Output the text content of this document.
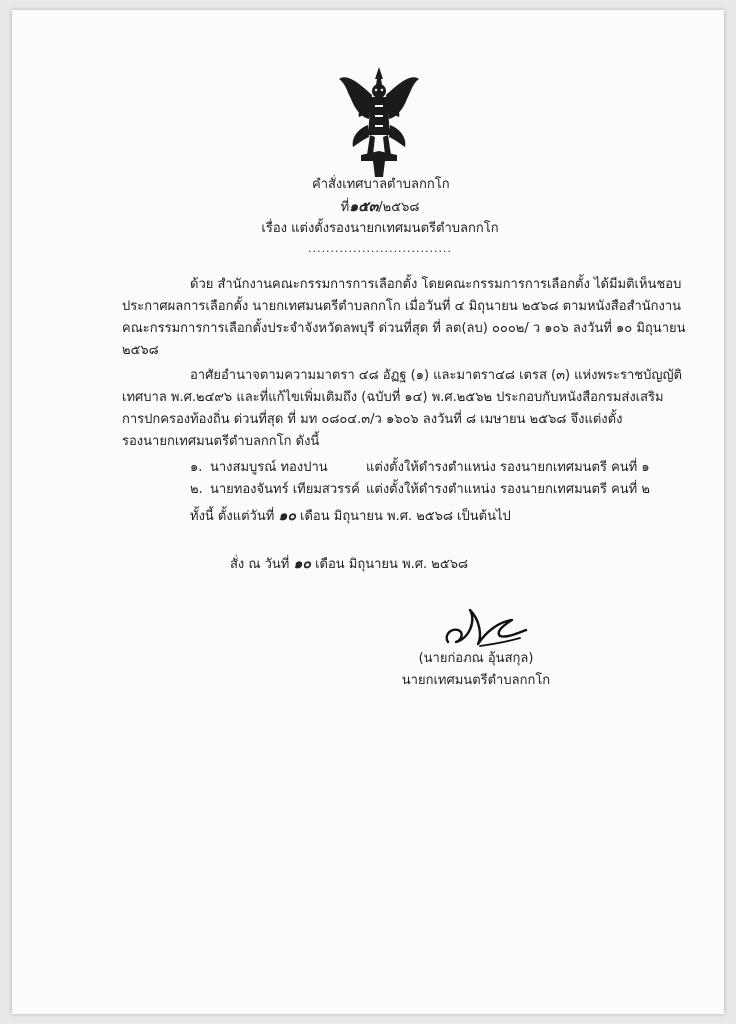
คำสั่งเทศบาลตำบลกกโก
ที่๑๕๓/๒๕๖๘
เรื่อง แต่งตั้งรองนายกเทศมนตรีตำบลกกโก
................................
ด้วย สำนักงานคณะกรรมการการเลือกตั้ง โดยคณะกรรมการการเลือกตั้ง ได้มีมติเห็นชอบ
ประกาศผลการเลือกตั้ง นายกเทศมนตรีตำบลกกโก เมื่อวันที่ ๔ มิถุนายน ๒๕๖๘ ตามหนังสือสำนักงาน
คณะกรรมการการเลือกตั้งประจำจังหวัดลพบุรี ด่วนที่สุด ที่ ลต(ลบ) ๐๐๐๒/ ว ๑๐๖ ลงวันที่ ๑๐ มิถุนายน
๒๕๖๘
อาศัยอำนาจตามความมาตรา ๔๘ อัฏฐ (๑) และมาตรา๔๘ เตรส (๓) แห่งพระราชบัญญัติ
เทศบาล พ.ศ.๒๔๙๖ และที่แก้ไขเพิ่มเติมถึง (ฉบับที่ ๑๔) พ.ศ.๒๕๖๒ ประกอบกับหนังสือกรมส่งเสริม
การปกครองท้องถิ่น ด่วนที่สุด ที่ มท ๐๘๐๔.๓/ว ๑๖๐๖ ลงวันที่ ๘ เมษายน ๒๕๖๘ จึงแต่งตั้ง
รองนายกเทศมนตรีตำบลกกโก ดังนี้
๑. นางสมบูรณ์ ทองปาน	แต่งตั้งให้ดำรงตำแหน่ง รองนายกเทศมนตรี คนที่ ๑
๒. นายทองจันทร์ เทียมสวรรค์ แต่งตั้งให้ดำรงตำแหน่ง รองนายกเทศมนตรี คนที่ ๒
ทั้งนี้ ตั้งแต่วันที่ ๑๐ เดือน มิถุนายน พ.ศ. ๒๕๖๘ เป็นต้นไป
สั่ง ณ วันที่ ๑๐ เดือน มิถุนายน พ.ศ. ๒๕๖๘
(นายก่อภณ อุ้นสกุล)
นายกเทศมนตรีตำบลกกโก
